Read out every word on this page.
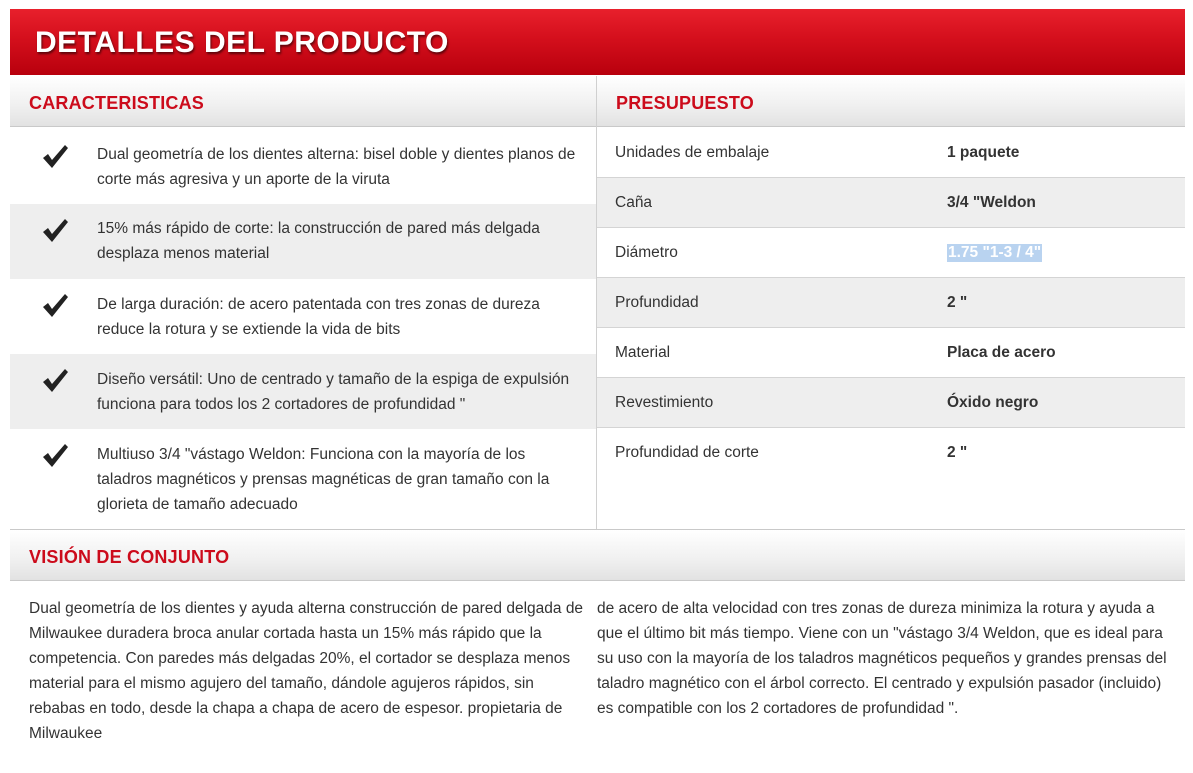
DETALLES DEL PRODUCTO
CARACTERISTICAS	PRESUPUESTO
Dual geometría de los dientes alterna: bisel doble y dientes planos de corte más agresiva y un aporte de la viruta
15% más rápido de corte: la construcción de pared más delgada desplaza menos material
De larga duración: de acero patentada con tres zonas de dureza reduce la rotura y se extiende la vida de bits
Diseño versátil: Uno de centrado y tamaño de la espiga de expulsión funciona para todos los 2 cortadores de profundidad "
Multiuso 3/4 "vástago Weldon: Funciona con la mayoría de los taladros magnéticos y prensas magnéticas de gran tamaño con la glorieta de tamaño adecuado
Unidades de embalaje	1 paquete
Caña	3/4 "Weldon
Diámetro	1.75 "1-3 / 4"
Profundidad	2 "
Material	Placa de acero
Revestimiento	Óxido negro
Profundidad de corte	2 "
VISIÓN DE CONJUNTO
Dual geometría de los dientes y ayuda alterna construcción de pared delgada de Milwaukee duradera broca anular cortada hasta un 15% más rápido que la competencia. Con paredes más delgadas 20%, el cortador se desplaza menos material para el mismo agujero del tamaño, dándole agujeros rápidos, sin rebabas en todo, desde la chapa a chapa de acero de espesor. propietaria de Milwaukee
de acero de alta velocidad con tres zonas de dureza minimiza la rotura y ayuda a que el último bit más tiempo. Viene con un "vástago 3/4 Weldon, que es ideal para su uso con la mayoría de los taladros magnéticos pequeños y grandes prensas del taladro magnético con el árbol correcto. El centrado y expulsión pasador (incluido) es compatible con los 2 cortadores de profundidad ".
